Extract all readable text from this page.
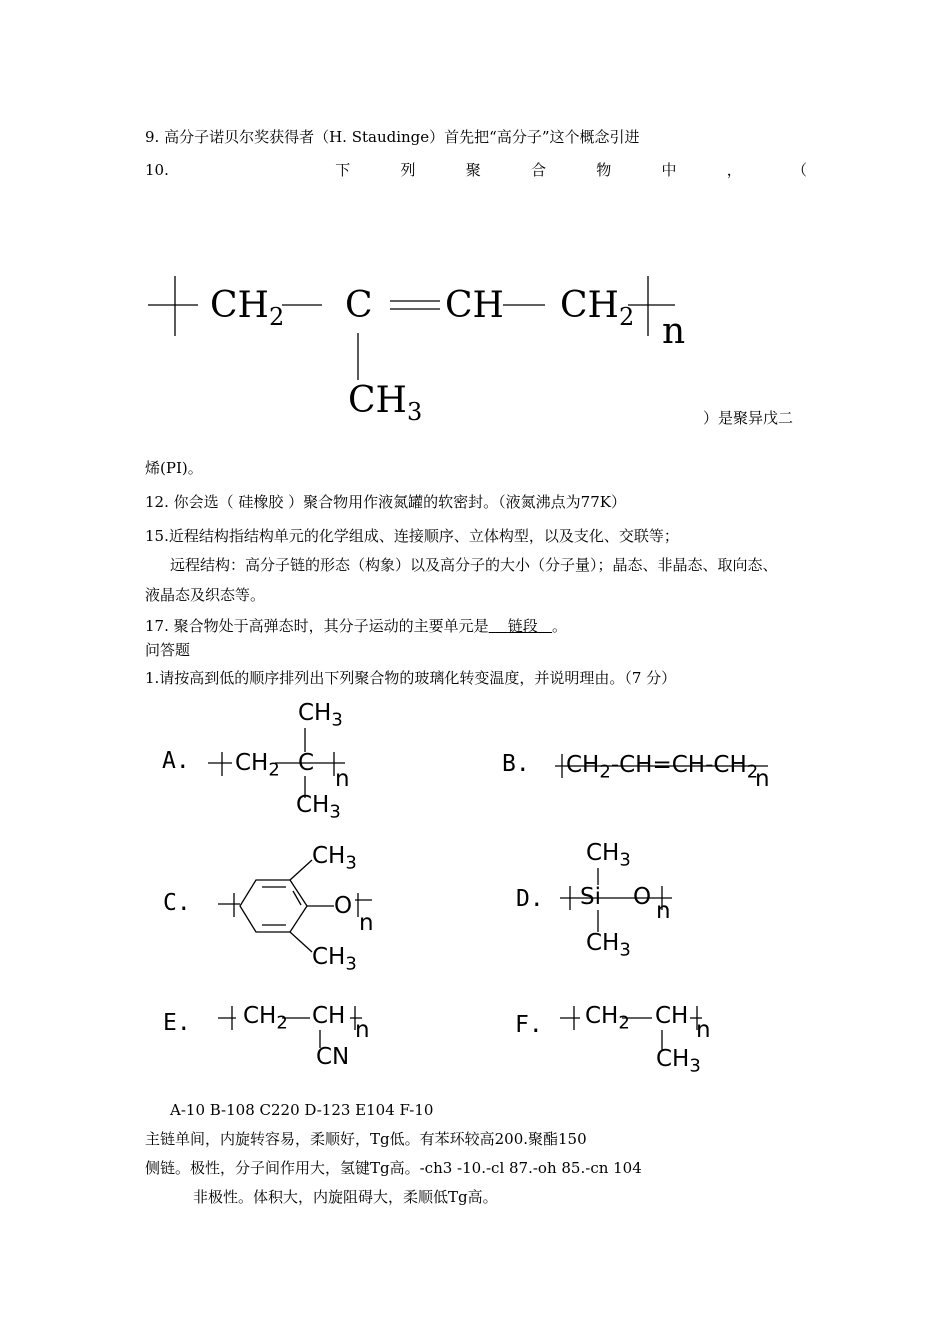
9. 高分子诺贝尔奖获得者（H. Staudinge）首先把“高分子”这个概念引进
10.	下	列	聚	合	物	中	，	（
$CH_2$ C CH $CH_2$ n
$CH_3$	）是聚异戊二
烯(PI)。
12. 你会选（ 硅橡胶 ）聚合物用作液氮罐的软密封。（液氮沸点为77K）
15.近程结构指结构单元的化学组成、连接顺序、立体构型，以及支化、交联等；
远程结构：高分子链的形态（构象）以及高分子的大小（分子量）；晶态、非晶态、取向态、
液晶态及织态等。
17. 聚合物处于高弹态时，其分子运动的主要单元是 链段 。
问答题
1.请按高到低的顺序排列出下列聚合物的玻璃化转变温度，并说明理由。（7 分）
A.
$CH_3$
$CH_2$ C
n
$CH_3$
B. $CH_2-CH=CH-CH_2$
n
C.
$CH_3$
O
n
$CH_3$
D.
$CH_3$
Si O
n
$CH_3$
E. $CH_2$ CH
n
CN
F. $CH_2$ CH
n
$CH_3$
A-10 B-108 C220 D-123 E104 F-10
主链单间，内旋转容易，柔顺好，Tg低。有苯环较高200.聚酯150
侧链。极性，分子间作用大，氢键Tg高。-ch3 -10.-cl 87.-oh 85.-cn 104
非极性。体积大，内旋阻碍大，柔顺低Tg高。
